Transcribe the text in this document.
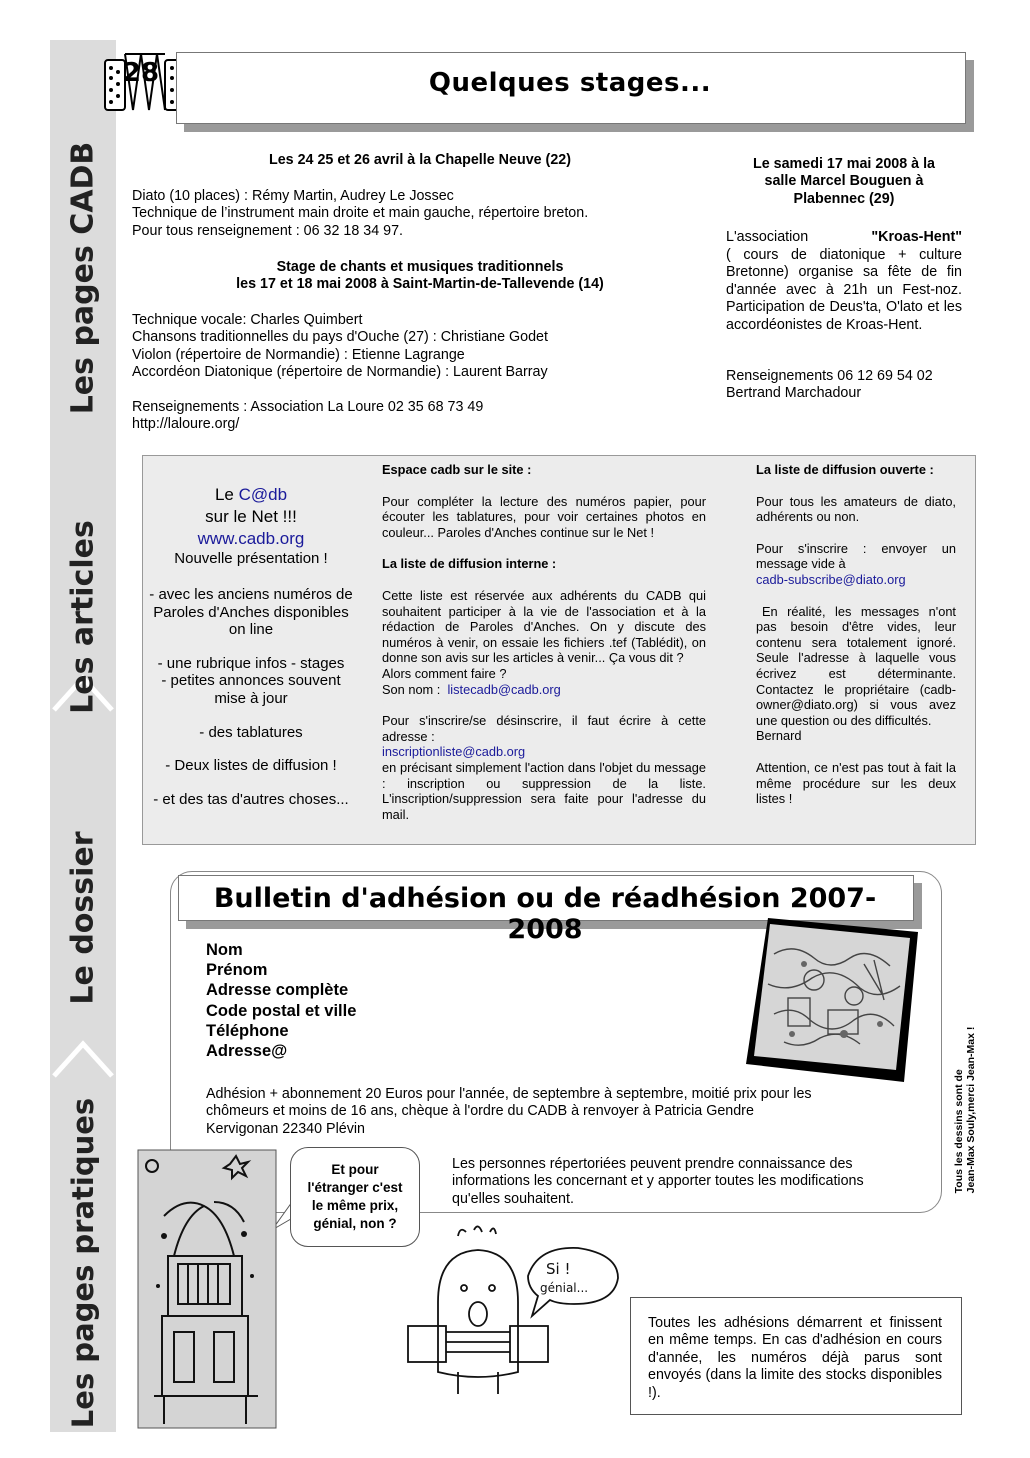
Les pages CADB
Les articles
Le dossier
Les pages pratiques
28	Quelques stages...
Les 24 25 et 26 avril à la Chapelle Neuve (22)
Diato (10 places) : Rémy Martin, Audrey Le Jossec
Technique de l’instrument main droite et main gauche, répertoire breton.
Pour tous renseignement : 06 32 18 34 97.
Stage de chants et musiques traditionnels
les 17 et 18 mai 2008 à Saint-Martin-de-Tallevende (14)
Technique vocale: Charles Quimbert
Chansons traditionnelles du pays d'Ouche (27) : Christiane Godet
Violon (répertoire de Normandie) : Etienne Lagrange
Accordéon Diatonique (répertoire de Normandie) : Laurent Barray
Renseignements : Association La Loure 02 35 68 73 49
http://laloure.org/
Le samedi 17 mai 2008 à la
salle Marcel Bouguen à
Plabennec (29)
L'association	"Kroas-Hent"
( cours de diatonique + culture Bretonne) organise sa fête de fin d'année avec à 21h un Fest-noz. Participation de Deus'ta, O'lato et les accordéonistes de Kroas-Hent.
Renseignements 06 12 69 54 02
Bertrand Marchadour
Le C@db
sur le Net !!!
www.cadb.org
Nouvelle présentation !
- avec les anciens numéros de Paroles d'Anches disponibles on line
- une rubrique infos - stages
- petites annonces souvent mise à jour
- des tablatures
- Deux listes de diffusion !
- et des tas d'autres choses...
Espace cadb sur le site :
Pour compléter la lecture des numéros papier, pour écouter les tablatures, pour voir certaines photos en couleur... Paroles d'Anches continue sur le Net !
La liste de diffusion interne :
Cette liste est réservée aux adhérents du CADB qui souhaitent participer à la vie de l'association et à la rédaction de Paroles d'Anches. On y discute des numéros à venir, on essaie les fichiers .tef (Tablédit), on donne son avis sur les articles à venir... Ça vous dit ?
Alors comment faire ?
Son nom : listecadb@cadb.org
Pour s'inscrire/se désinscrire, il faut écrire à cette adresse :
inscriptionliste@cadb.org
en précisant simplement l'action dans l'objet du message : inscription ou suppression de la liste. L'inscription/suppression sera faite pour l'adresse du mail.
La liste de diffusion ouverte :
Pour tous les amateurs de diato, adhérents ou non.
Pour s'inscrire : envoyer un message vide à
cadb-subscribe@diato.org
En réalité, les messages n'ont pas besoin d'être vides, leur contenu sera totalement ignoré. Seule l'adresse à laquelle vous écrivez est déterminante. Contactez le propriétaire (cadb-owner@diato.org) si vous avez une question ou des difficultés.
Bernard
Attention, ce n'est pas tout à fait la même procédure sur les deux listes !
Bulletin d'adhésion ou de réadhésion 2007-2008
Nom
Prénom
Adresse complète
Code postal et ville
Téléphone
Adresse@
Adhésion + abonnement 20 Euros pour l'année, de septembre à septembre, moitié prix pour les
chômeurs et moins de 16 ans, chèque à l'ordre du CADB à renvoyer à Patricia Gendre
Kervigonan 22340 Plévin	Tous les dessins sont de Jean-Max Souly,merci Jean-Max !
Et pour
l'étranger c'est
le même prix,
génial, non ?
Les personnes répertoriées peuvent prendre connaissance des informations les concernant et y apporter toutes les modifications qu'elles souhaitent.
Si !
génial...
Toutes les adhésions démarrent et finissent en même temps. En cas d'adhésion en cours d'année, les numéros déjà parus sont envoyés (dans la limite des stocks disponibles !).
